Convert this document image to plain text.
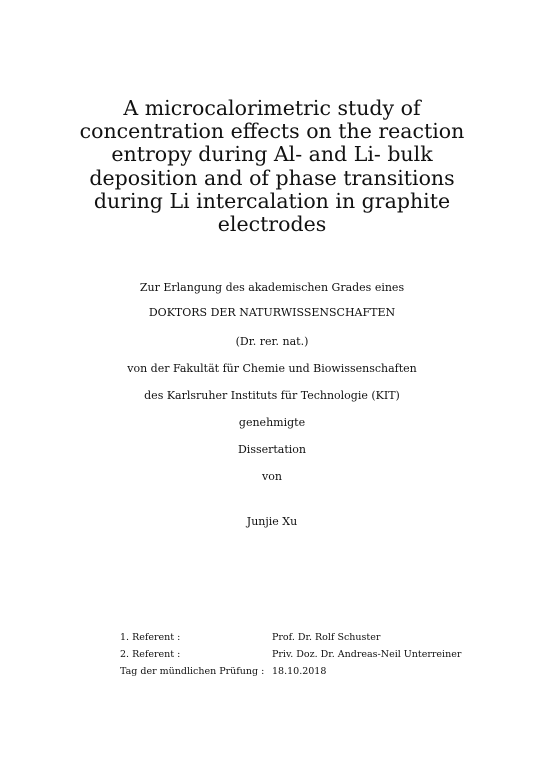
A microcalorimetric study of
concentration effects on the reaction
entropy during Al- and Li- bulk
deposition and of phase transitions
during Li intercalation in graphite
electrodes
Zur Erlangung des akademischen Grades eines
DOKTORS DER NATURWISSENSCHAFTEN
(Dr. rer. nat.)
von der Fakultät für Chemie und Biowissenschaften
des Karlsruher Instituts für Technologie (KIT)
genehmigte
Dissertation
von
Junjie Xu
1. Referent :	Prof. Dr. Rolf Schuster
2. Referent :	Priv. Doz. Dr. Andreas-Neil Unterreiner
Tag der mündlichen Prüfung : 18.10.2018
